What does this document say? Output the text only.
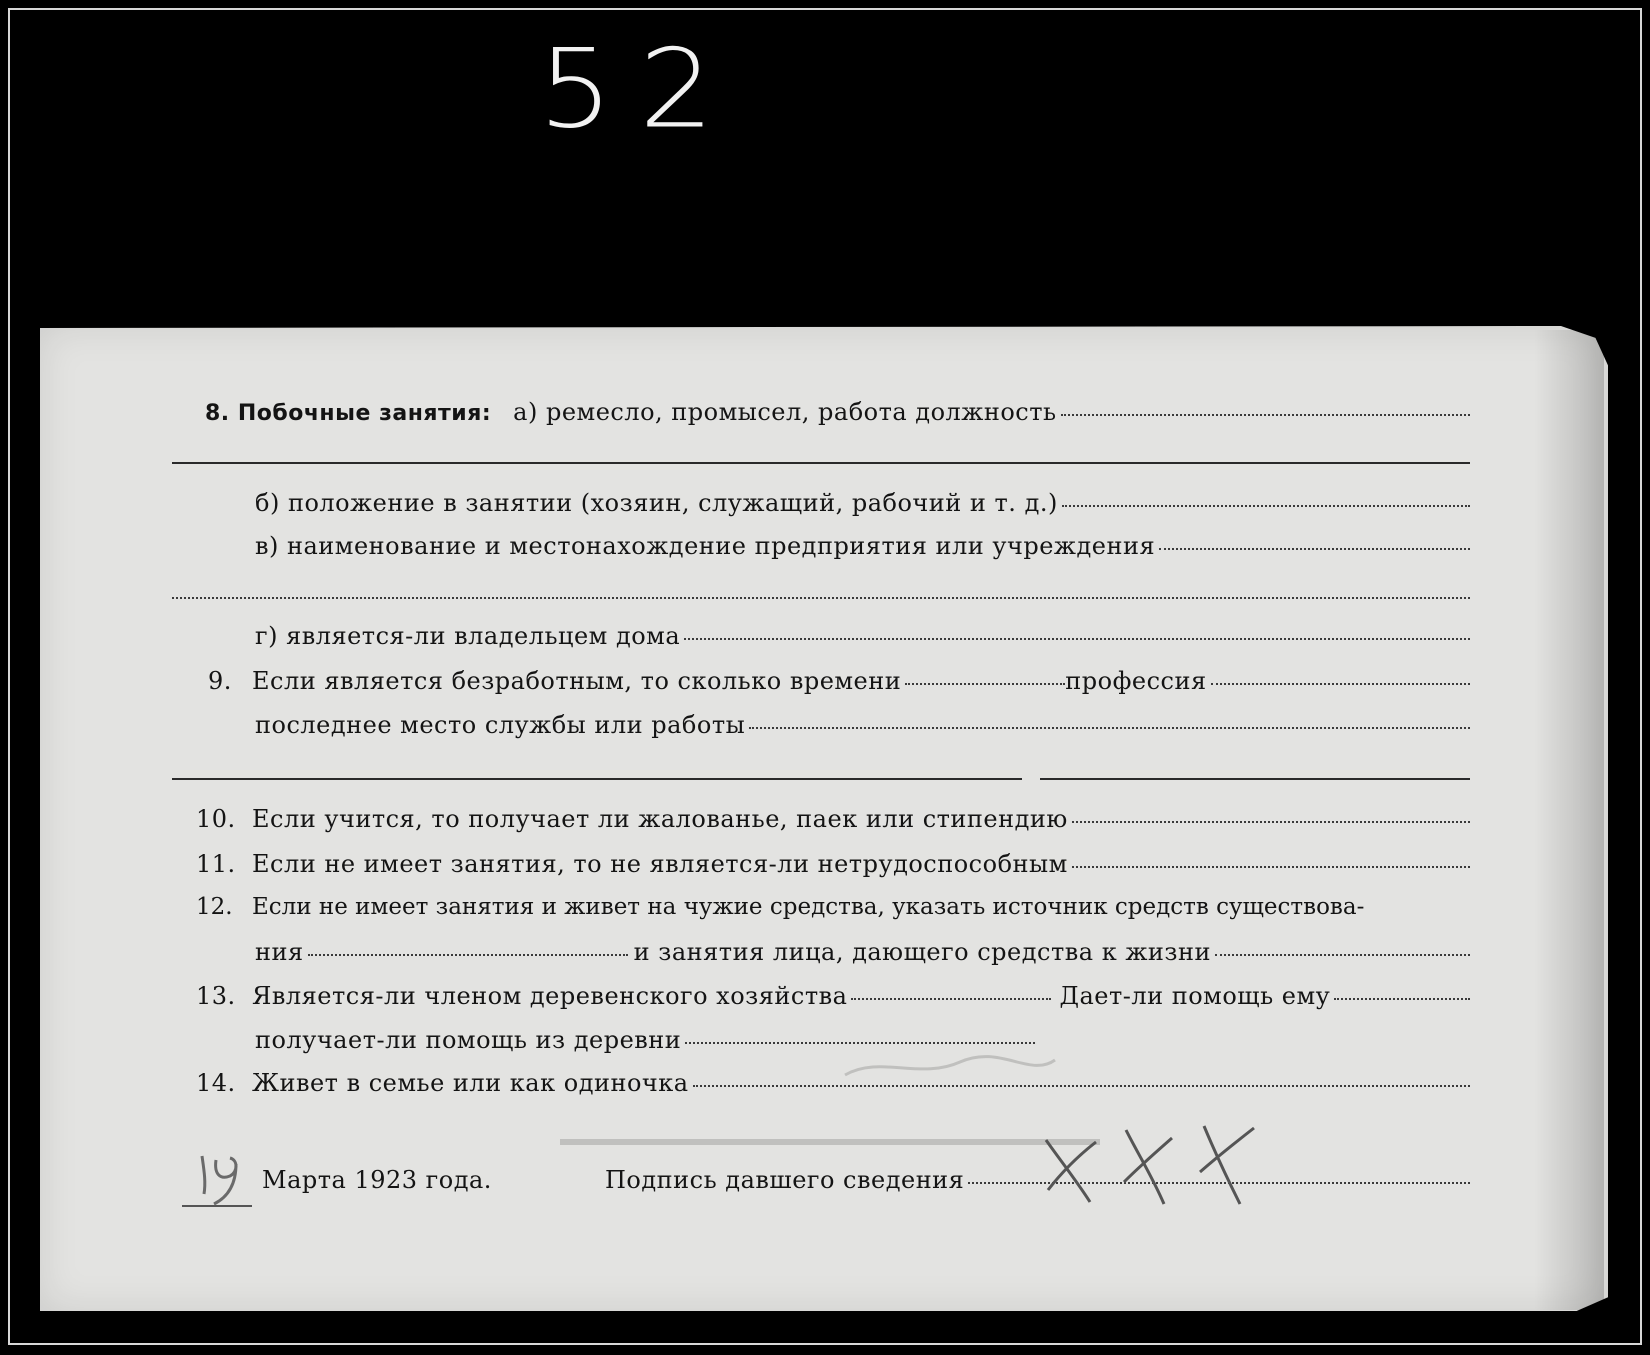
52
8. Побочные занятия: а) ремесло, промысел, работа должность
б) положение в занятии (хозяин, служащий, рабочий и т. д.)
в) наименование и местонахождение предприятия или учреждения
г) является-ли владельцем дома
9. Если является безработным, то сколько времени	профессия
последнее место службы или работы
10. Если учится, то получает ли жалованье, паек или стипендию
11. Если не имеет занятия, то не является-ли нетрудоспособным
12. Если не имеет занятия и живет на чужие средства, указать источник средств существова-
ния	и занятия лица, дающего средства к жизни
13. Является-ли членом деревенского хозяйства	Дает-ли помощь ему
получает-ли помощь из деревни
14. Живет в семье или как одиночка
Марта 1923 года.	Подпись давшего сведения
